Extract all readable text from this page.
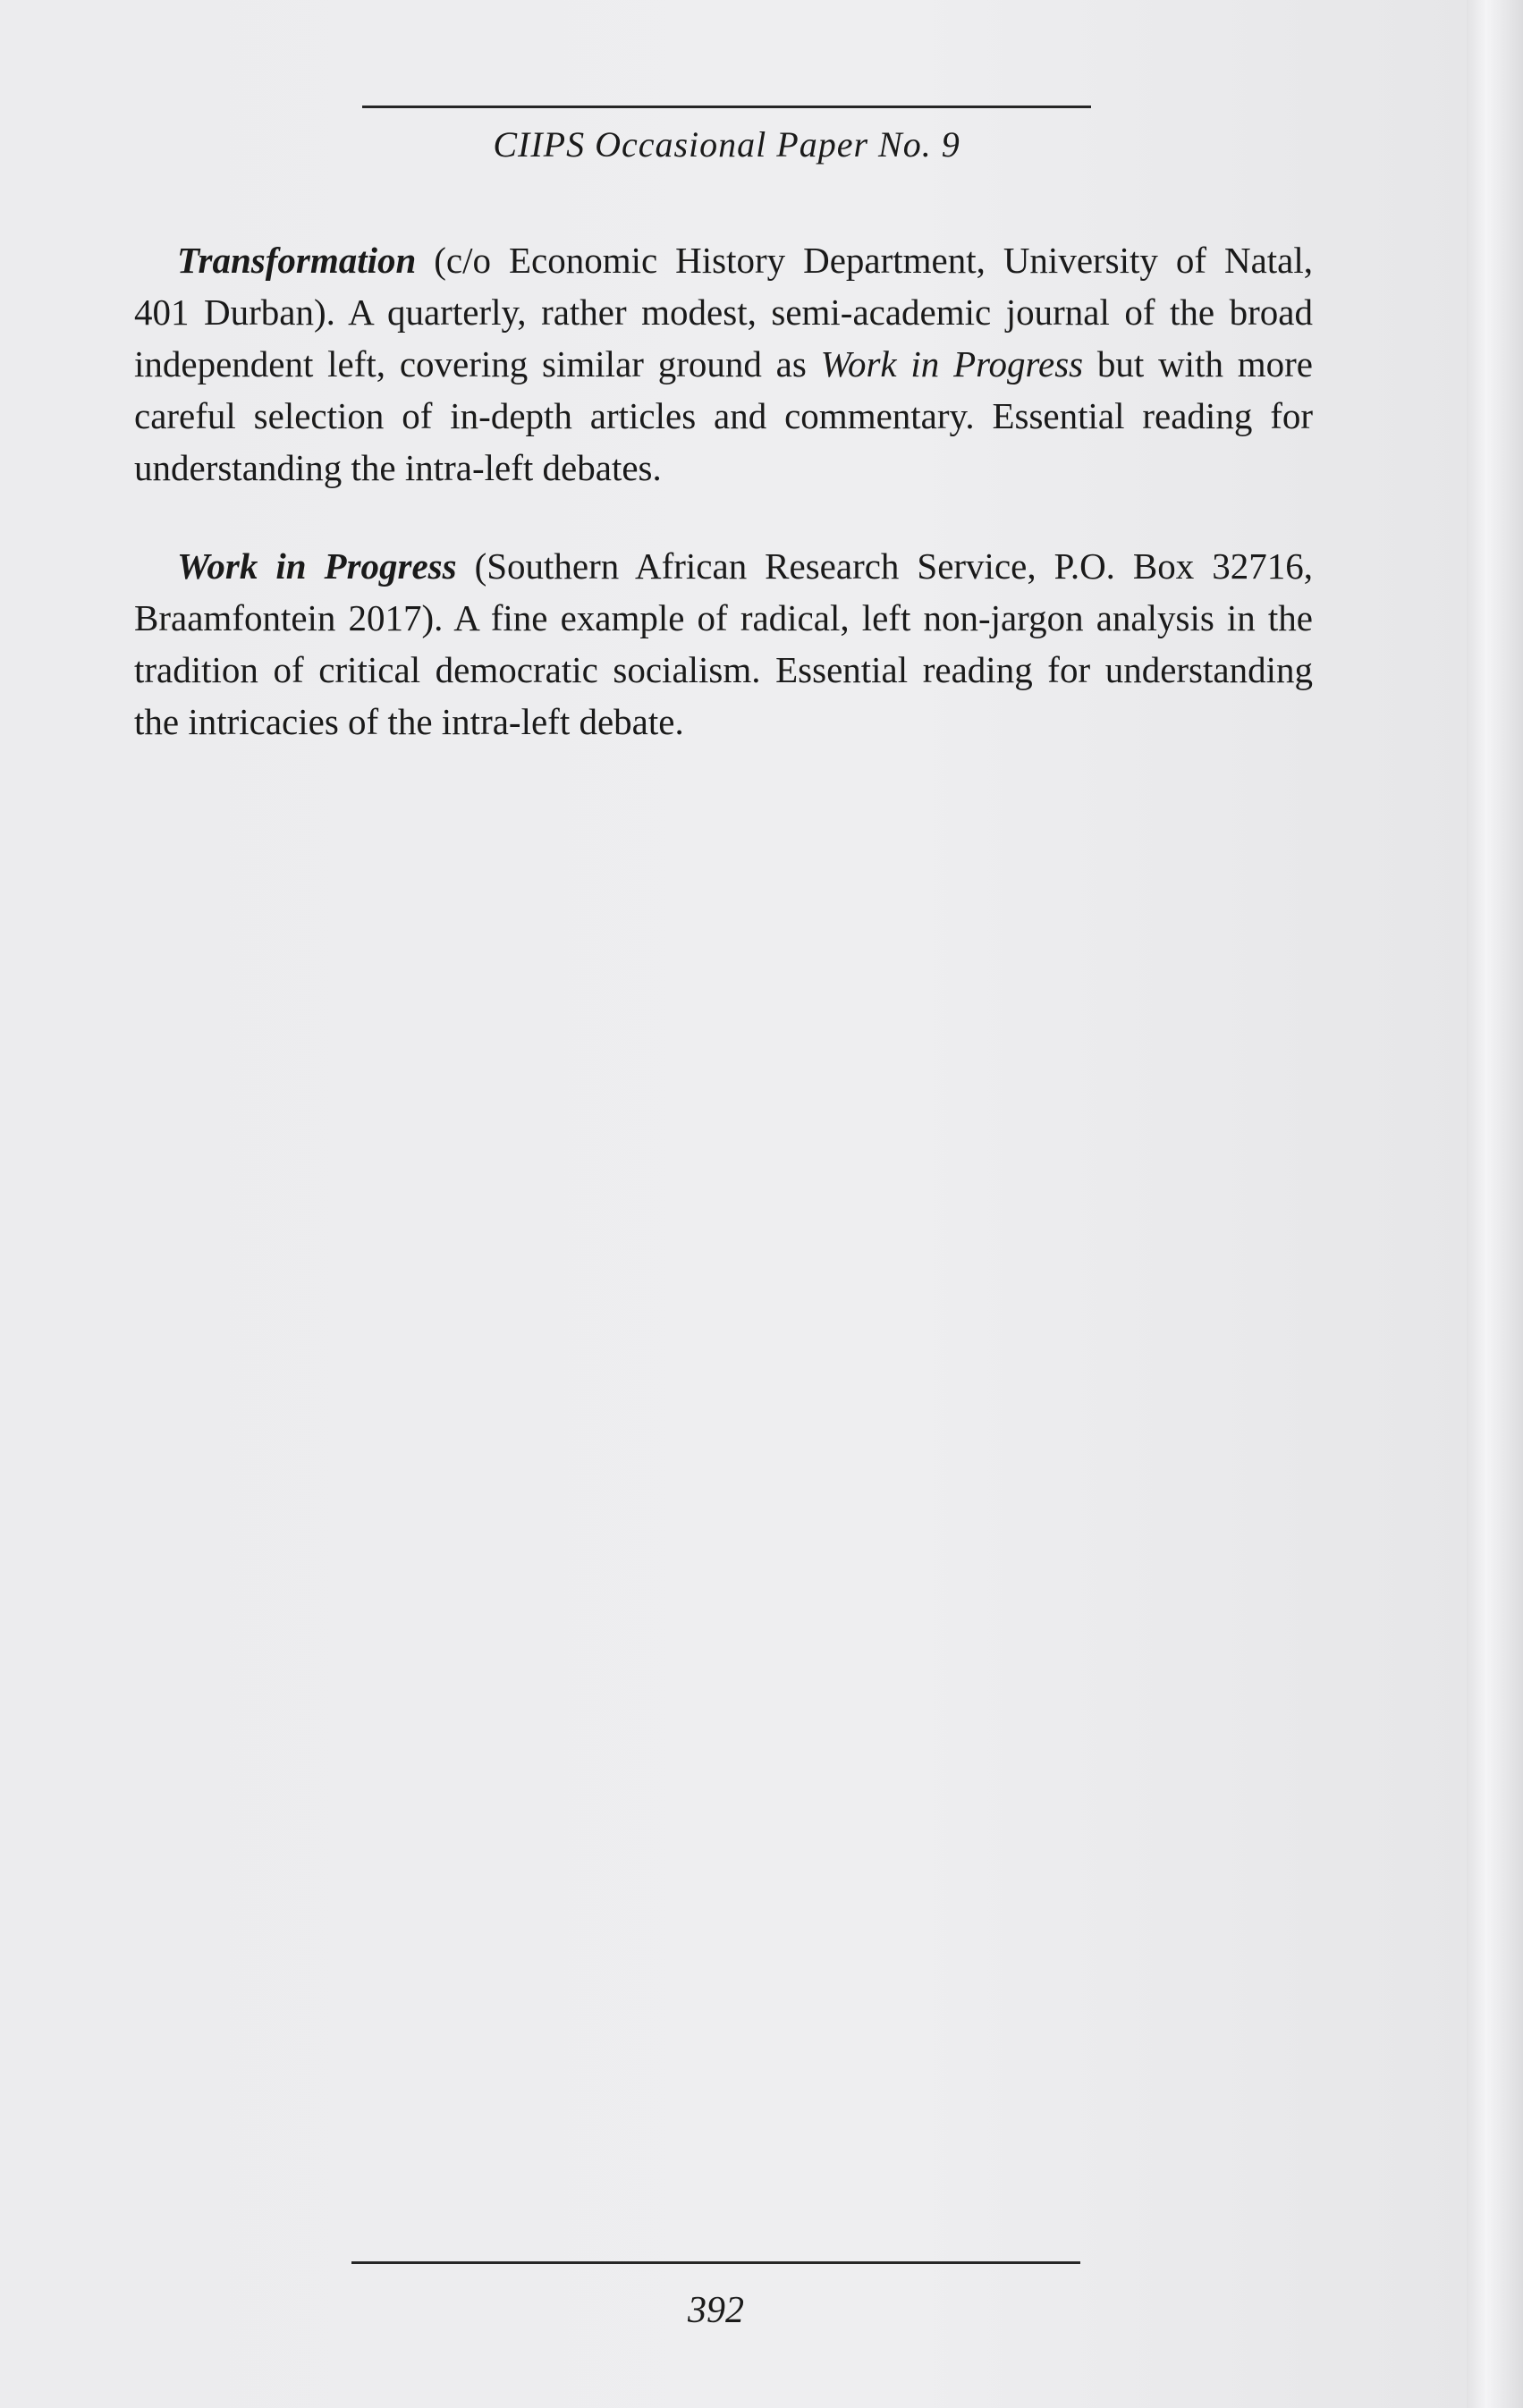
CIIPS Occasional Paper No. 9

Transformation (c/o Economic History Department, University of Natal, 401 Durban). A quarterly, rather modest, semi-academic journal of the broad independent left, covering similar ground as Work in Progress but with more careful selection of in-depth articles and commentary. Essential reading for understanding the intra-left debates.

Work in Progress (Southern African Research Service, P.O. Box 32716, Braamfontein 2017). A fine example of radical, left non-jargon analysis in the tradition of critical democratic socialism. Essential reading for understanding the intricacies of the intra-left debate.

392
